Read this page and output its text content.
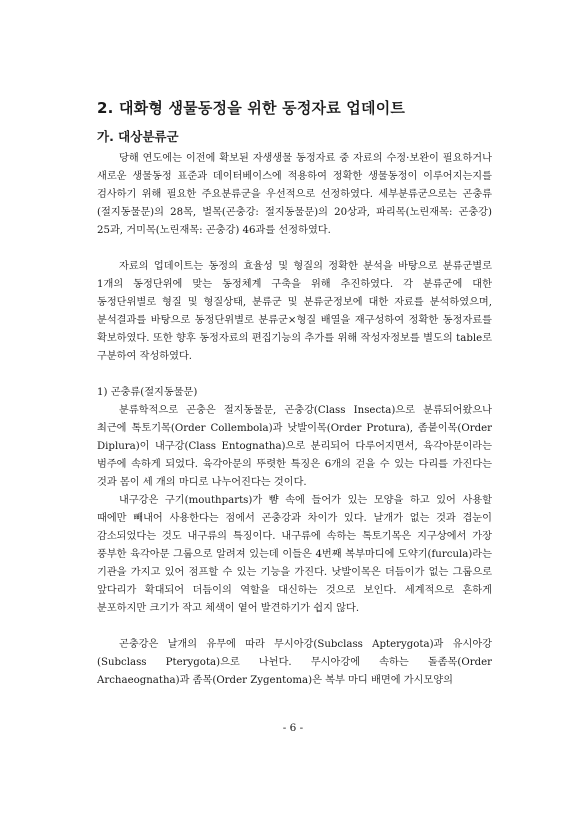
2. 대화형 생물동정을 위한 동정자료 업데이트
가. 대상분류군

당해 연도에는 이전에 확보된 자생생물 동정자료 중 자료의 수정·보완이 필요하거나 새로운 생물동정 표준과 데이터베이스에 적용하여 정확한 생물동정이 이루어지는지를 검사하기 위해 필요한 주요분류군을 우선적으로 선정하였다. 세부분류군으로는 곤충류(절지동물문)의 28목, 벌목(곤충강: 절지동물문)의 20상과, 파리목(노린재목: 곤충강) 25과, 거미목(노린재목: 곤충강) 46과를 선정하였다.

자료의 업데이트는 동정의 효율성 및 형질의 정확한 분석을 바탕으로 분류군별로 1개의 동정단위에 맞는 동정체계 구축을 위해 추진하였다. 각 분류군에 대한 동정단위별로 형질 및 형질상태, 분류군 및 분류군정보에 대한 자료를 분석하였으며, 분석결과를 바탕으로 동정단위별로 분류군×형질 배열을 재구성하여 정확한 동정자료를 확보하였다. 또한 향후 동정자료의 편집기능의 추가를 위해 작성자정보를 별도의 table로 구분하여 작성하였다.

1) 곤충류(절지동물문)

분류학적으로 곤충은 절지동물문, 곤충강(Class Insecta)으로 분류되어왔으나 최근에 톡토기목(Order Collembola)과 낫발이목(Order Protura), 좀붙이목(Order Diplura)이 내구강(Class Entognatha)으로 분리되어 다루어지면서, 육각아문이라는 범주에 속하게 되었다. 육각아문의 뚜렷한 특징은 6개의 걷을 수 있는 다리를 가진다는 것과 몸이 세 개의 마디로 나누어진다는 것이다.

내구강은 구기(mouthparts)가 뺨 속에 들어가 있는 모양을 하고 있어 사용할 때에만 빼내어 사용한다는 점에서 곤충강과 차이가 있다. 날개가 없는 것과 겹눈이 감소되었다는 것도 내구류의 특징이다. 내구류에 속하는 톡토기목은 지구상에서 가장 풍부한 육각아문 그룹으로 알려져 있는데 이들은 4번째 복부마디에 도약기(furcula)라는 기관을 가지고 있어 점프할 수 있는 기능을 가진다. 낫발이목은 더듬이가 없는 그룹으로 앞다리가 확대되어 더듬이의 역할을 대신하는 것으로 보인다. 세계적으로 흔하게 분포하지만 크기가 작고 체색이 옅어 발견하기가 쉽지 않다.

곤충강은 날개의 유무에 따라 무시아강(Subclass Apterygota)과 유시아강(Subclass Pterygota)으로 나뉜다. 무시아강에 속하는 돌좀목(Order Archaeognatha)과 좀목(Order Zygentoma)은 복부 마디 배면에 가시모양의

- 6 -
